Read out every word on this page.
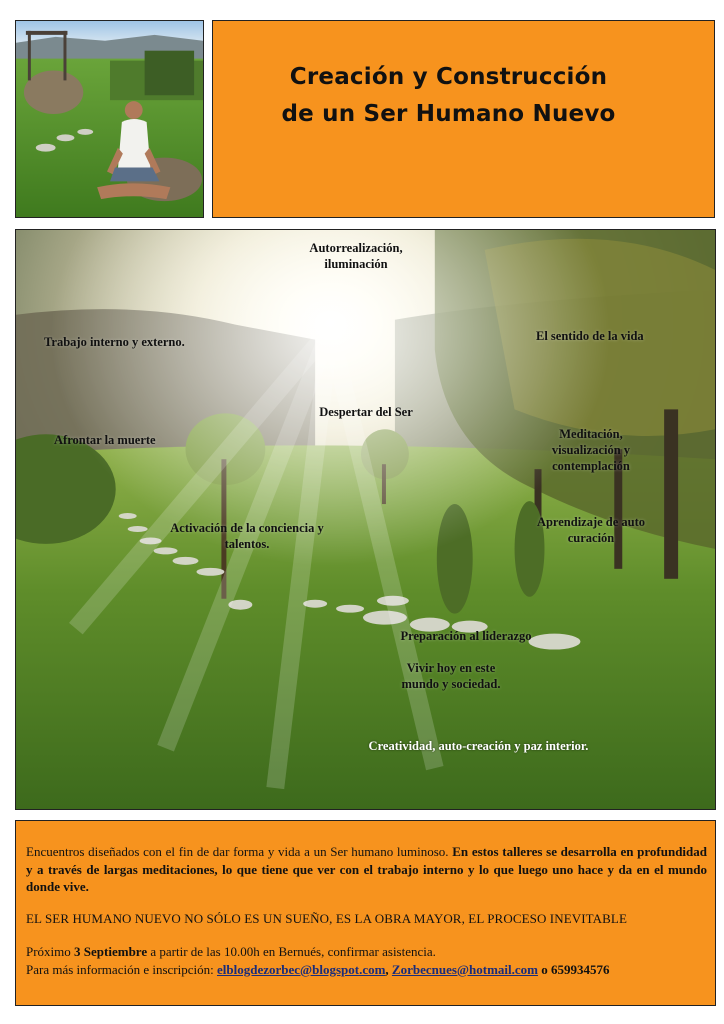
Creación y Construcción
de un Ser Humano Nuevo
Autorrealización,
iluminación
Trabajo interno y externo.	El sentido de la vida
Despertar del Ser
Afrontar la muerte	Meditación,
visualización y
contemplación
Activación de la conciencia y
talentos.
Aprendizaje de auto
curación
Preparación al liderazgo
Vivir hoy en este
mundo y sociedad.
Creatividad, auto-creación y paz interior.

Encuentros diseñados con el fin de dar forma y vida a un Ser humano luminoso. En estos talleres se desarrolla en profundidad y a través de largas meditaciones, lo que tiene que ver con el trabajo interno y lo que luego uno hace y da en el mundo donde vive.

EL SER HUMANO NUEVO NO SÓLO ES UN SUEÑO, ES LA OBRA MAYOR, EL PROCESO INEVITABLE

Próximo 3 Septiembre a partir de las 10.00h en Bernués, confirmar asistencia.

Para más información e inscripción: elblogdezorbec@blogspot.com, Zorbecnues@hotmail.com o 659934576
